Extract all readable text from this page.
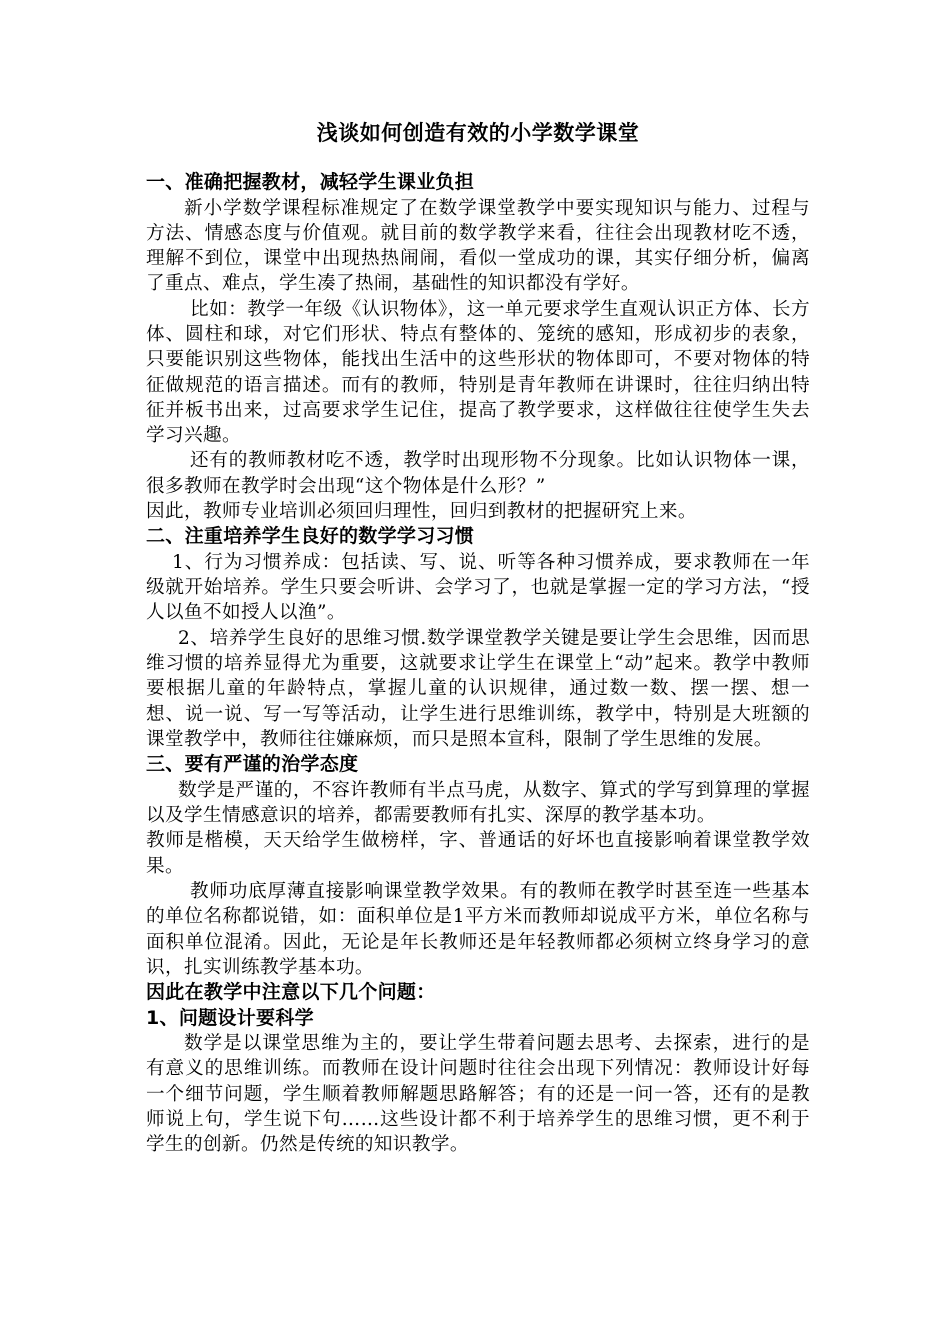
浅谈如何创造有效的小学数学课堂
一、准确把握教材，减轻学生课业负担
新小学数学课程标准规定了在数学课堂教学中要实现知识与能力、过程与方法、情感态度与价值观。就目前的数学教学来看，往往会出现教材吃不透，理解不到位，课堂中出现热热闹闹，看似一堂成功的课，其实仔细分析，偏离了重点、难点，学生凑了热闹，基础性的知识都没有学好。
比如：教学一年级《认识物体》，这一单元要求学生直观认识正方体、长方体、圆柱和球，对它们形状、特点有整体的、笼统的感知，形成初步的表象，只要能识别这些物体，能找出生活中的这些形状的物体即可，不要对物体的特征做规范的语言描述。而有的教师，特别是青年教师在讲课时，往往归纳出特征并板书出来，过高要求学生记住，提高了教学要求，这样做往往使学生失去学习兴趣。
还有的教师教材吃不透，教学时出现形物不分现象。比如认识物体一课，很多教师在教学时会出现“这个物体是什么形？”
因此，教师专业培训必须回归理性，回归到教材的把握研究上来。
二、注重培养学生良好的数学学习习惯
1、行为习惯养成：包括读、写、说、听等各种习惯养成，要求教师在一年级就开始培养。学生只要会听讲、会学习了，也就是掌握一定的学习方法，“授人以鱼不如授人以渔”。
2、培养学生良好的思维习惯.数学课堂教学关键是要让学生会思维，因而思维习惯的培养显得尤为重要，这就要求让学生在课堂上“动”起来。教学中教师要根据儿童的年龄特点，掌握儿童的认识规律，通过数一数、摆一摆、想一想、说一说、写一写等活动，让学生进行思维训练，教学中，特别是大班额的课堂教学中，教师往往嫌麻烦，而只是照本宣科，限制了学生思维的发展。
三、要有严谨的治学态度
数学是严谨的，不容许教师有半点马虎，从数字、算式的学写到算理的掌握以及学生情感意识的培养，都需要教师有扎实、深厚的教学基本功。
教师是楷模，天天给学生做榜样，字、普通话的好坏也直接影响着课堂教学效果。
教师功底厚薄直接影响课堂教学效果。有的教师在教学时甚至连一些基本的单位名称都说错，如：面积单位是1平方米而教师却说成平方米，单位名称与面积单位混淆。因此，无论是年长教师还是年轻教师都必须树立终身学习的意识，扎实训练教学基本功。
因此在教学中注意以下几个问题：
1、问题设计要科学
数学是以课堂思维为主的，要让学生带着问题去思考、去探索，进行的是有意义的思维训练。而教师在设计问题时往往会出现下列情况：教师设计好每一个细节问题，学生顺着教师解题思路解答；有的还是一问一答，还有的是教师说上句，学生说下句……这些设计都不利于培养学生的思维习惯，更不利于学生的创新。仍然是传统的知识教学。
